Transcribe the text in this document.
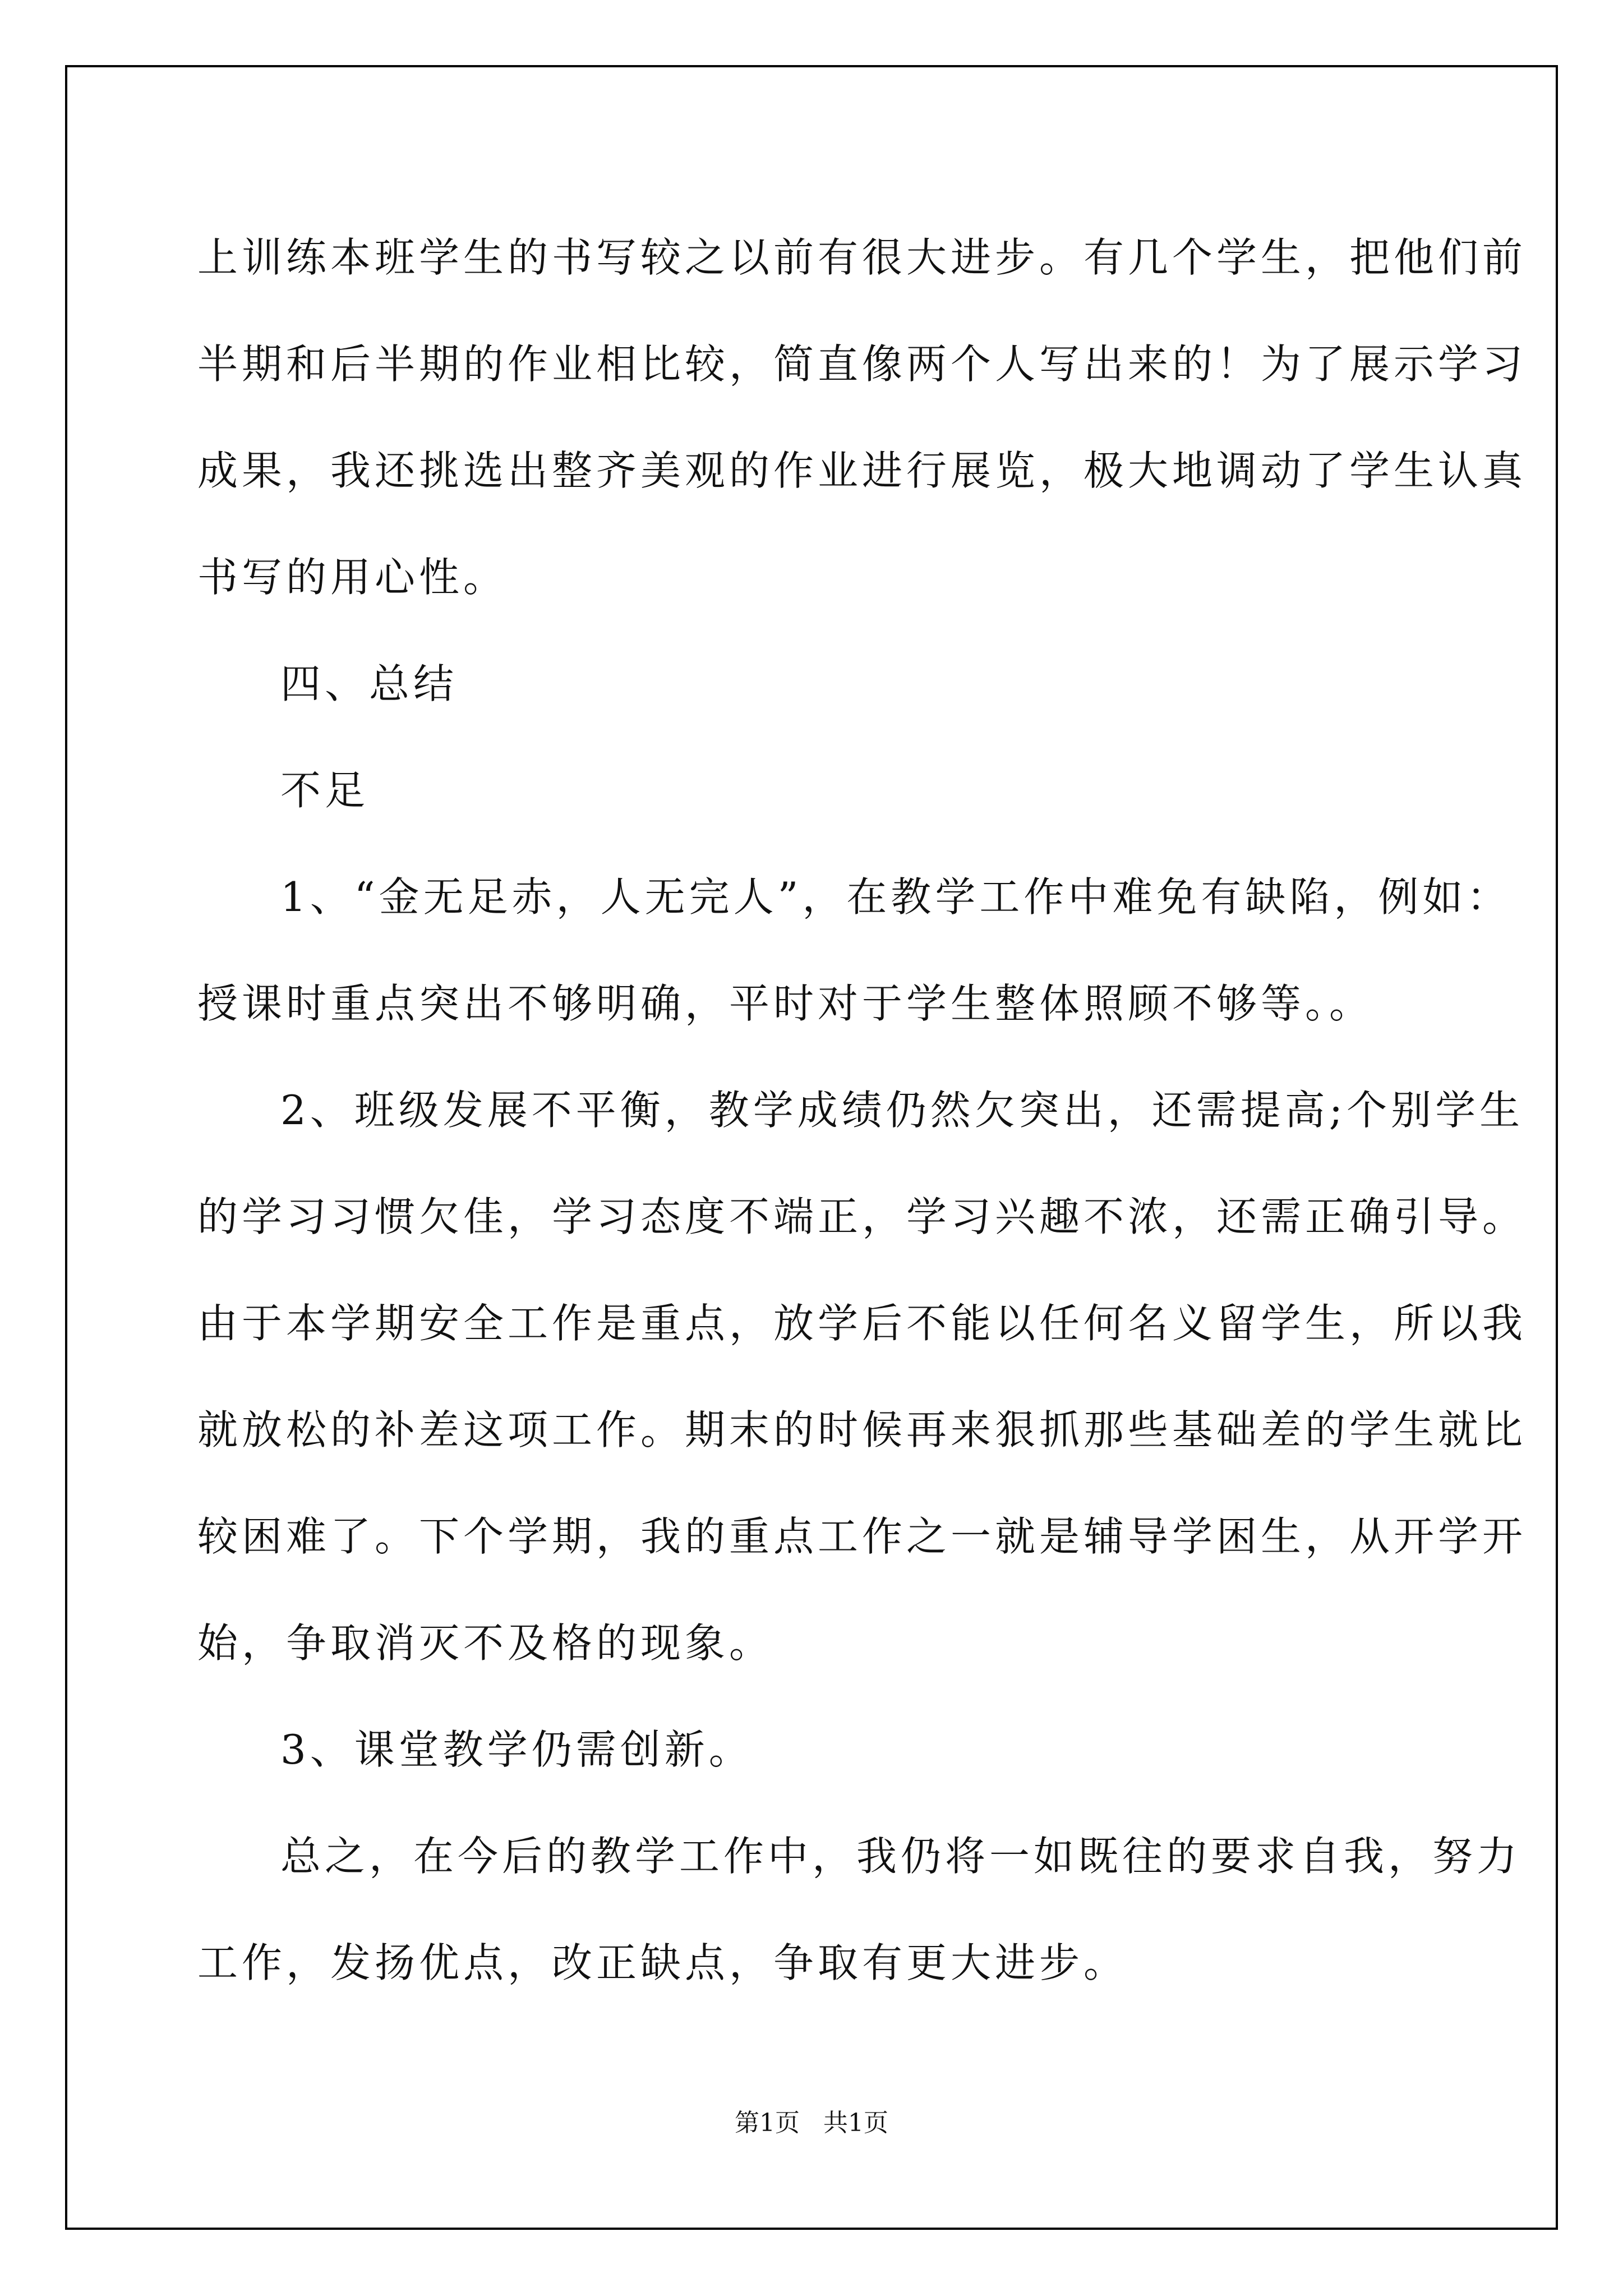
上训练本班学生的书写较之以前有很大进步。有几个学生，把他们前
半期和后半期的作业相比较，简直像两个人写出来的！为了展示学习
成果，我还挑选出整齐美观的作业进行展览，极大地调动了学生认真
书写的用心性。
四、总结
不足
1、“金无足赤，人无完人”，在教学工作中难免有缺陷，例如：
授课时重点突出不够明确，平时对于学生整体照顾不够等。。
2、班级发展不平衡，教学成绩仍然欠突出，还需提高;个别学生
的学习习惯欠佳，学习态度不端正，学习兴趣不浓，还需正确引导。
由于本学期安全工作是重点，放学后不能以任何名义留学生，所以我
就放松的补差这项工作。期末的时候再来狠抓那些基础差的学生就比
较困难了。下个学期，我的重点工作之一就是辅导学困生，从开学开
始，争取消灭不及格的现象。
3、课堂教学仍需创新。
总之，在今后的教学工作中，我仍将一如既往的要求自我，努力
工作，发扬优点，改正缺点，争取有更大进步。
第1页   共1页
